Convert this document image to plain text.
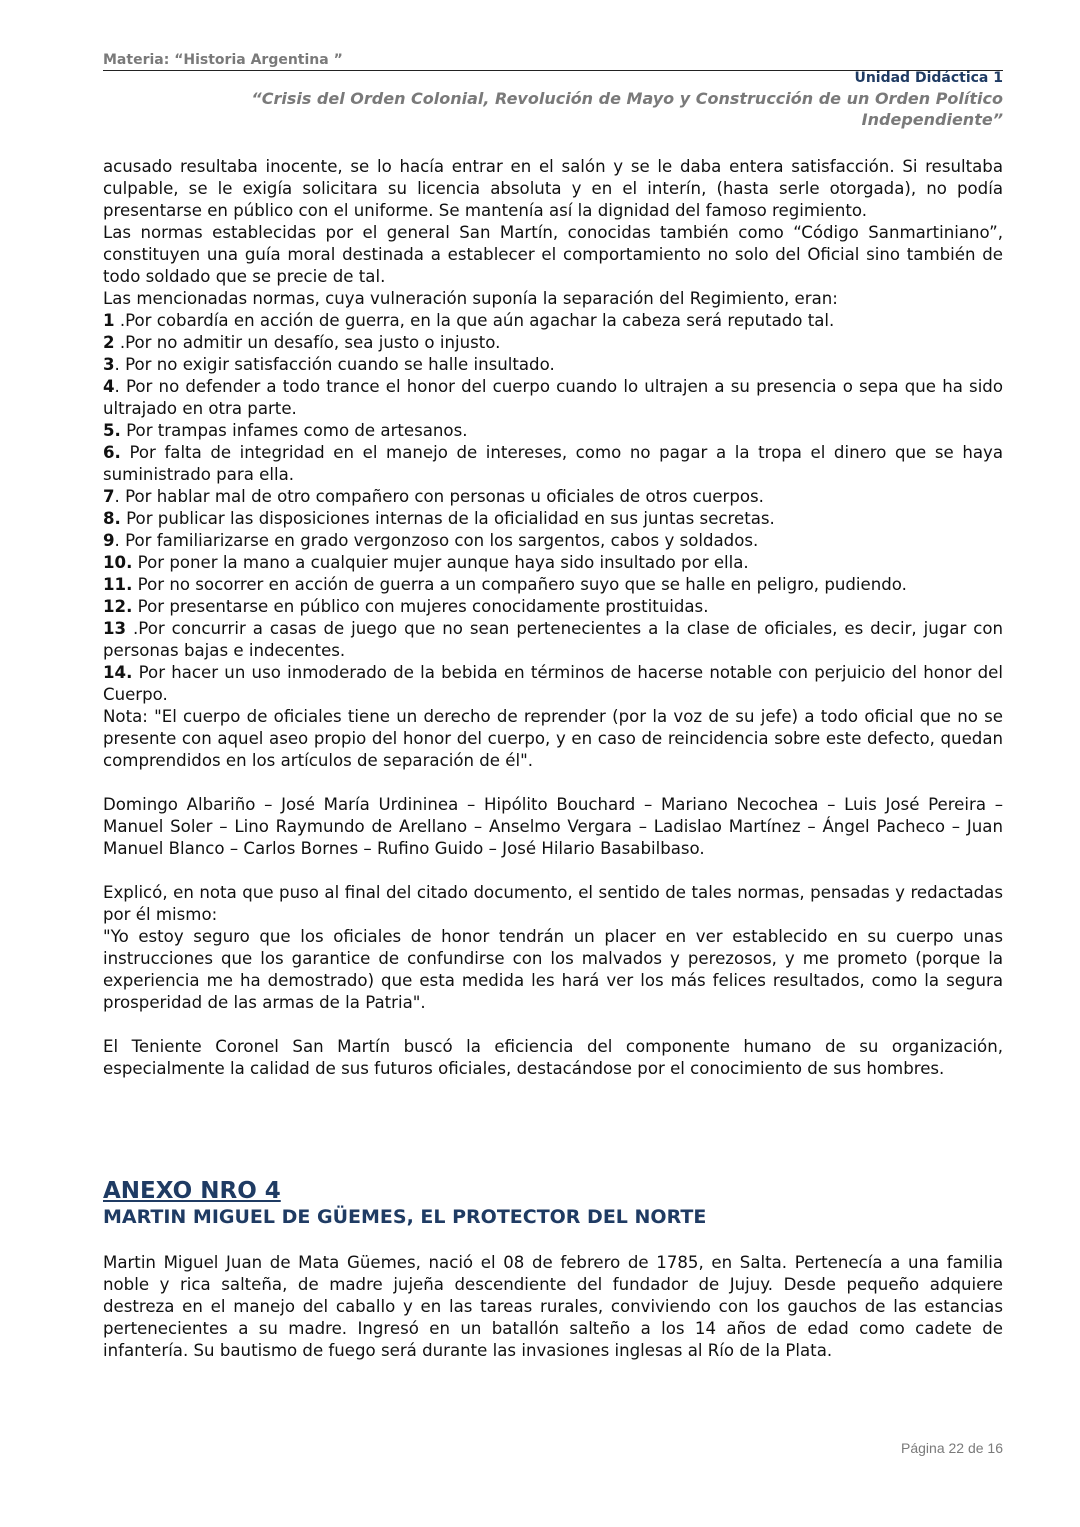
Materia: “Historia Argentina ”
Unidad Didáctica 1
“Crisis del Orden Colonial, Revolución de Mayo y Construcción de un Orden Político
Independiente”

acusado resultaba inocente, se lo hacía entrar en el salón y se le daba entera satisfacción. Si resultaba culpable, se le exigía solicitara su licencia absoluta y en el interín, (hasta serle otorgada), no podía presentarse en público con el uniforme. Se mantenía así la dignidad del famoso regimiento.

Las normas establecidas por el general San Martín, conocidas también como “Código Sanmartiniano”, constituyen una guía moral destinada a establecer el comportamiento no solo del Oficial sino también de todo soldado que se precie de tal.

Las mencionadas normas, cuya vulneración suponía la separación del Regimiento, eran:

1 .Por cobardía en acción de guerra, en la que aún agachar la cabeza será reputado tal.

2 .Por no admitir un desafío, sea justo o injusto.

3. Por no exigir satisfacción cuando se halle insultado.

4. Por no defender a todo trance el honor del cuerpo cuando lo ultrajen a su presencia o sepa que ha sido ultrajado en otra parte.

5. Por trampas infames como de artesanos.

6. Por falta de integridad en el manejo de intereses, como no pagar a la tropa el dinero que se haya suministrado para ella.

7. Por hablar mal de otro compañero con personas u oficiales de otros cuerpos.

8. Por publicar las disposiciones internas de la oficialidad en sus juntas secretas.

9. Por familiarizarse en grado vergonzoso con los sargentos, cabos y soldados.

10. Por poner la mano a cualquier mujer aunque haya sido insultado por ella.

11. Por no socorrer en acción de guerra a un compañero suyo que se halle en peligro, pudiendo.

12. Por presentarse en público con mujeres conocidamente prostituidas.

13 .Por concurrir a casas de juego que no sean pertenecientes a la clase de oficiales, es decir, jugar con personas bajas e indecentes.

14. Por hacer un uso inmoderado de la bebida en términos de hacerse notable con perjuicio del honor del Cuerpo.

Nota: "El cuerpo de oficiales tiene un derecho de reprender (por la voz de su jefe) a todo oficial que no se presente con aquel aseo propio del honor del cuerpo, y en caso de reincidencia sobre este defecto, quedan comprendidos en los artículos de separación de él".

Domingo Albariño – José María Urdininea – Hipólito Bouchard – Mariano Necochea – Luis José Pereira – Manuel Soler – Lino Raymundo de Arellano – Anselmo Vergara – Ladislao Martínez – Ángel Pacheco – Juan Manuel Blanco – Carlos Bornes – Rufino Guido – José Hilario Basabilbaso.

Explicó, en nota que puso al final del citado documento, el sentido de tales normas, pensadas y redactadas por él mismo:

"Yo estoy seguro que los oficiales de honor tendrán un placer en ver establecido en su cuerpo unas instrucciones que los garantice de confundirse con los malvados y perezosos, y me prometo (porque la experiencia me ha demostrado) que esta medida les hará ver los más felices resultados, como la segura prosperidad de las armas de la Patria".

El Teniente Coronel San Martín buscó la eficiencia del componente humano de su organización, especialmente la calidad de sus futuros oficiales, destacándose por el conocimiento de sus hombres.

ANEXO NRO 4
MARTIN MIGUEL DE GÜEMES, EL PROTECTOR DEL NORTE

Martin Miguel Juan de Mata Güemes, nació el 08 de febrero de 1785, en Salta. Pertenecía a una familia noble y rica salteña, de madre jujeña descendiente del fundador de Jujuy. Desde pequeño adquiere destreza en el manejo del caballo y en las tareas rurales, conviviendo con los gauchos de las estancias pertenecientes a su madre. Ingresó en un batallón salteño a los 14 años de edad como cadete de infantería. Su bautismo de fuego será durante las invasiones inglesas al Río de la Plata.

Página 22 de 16
